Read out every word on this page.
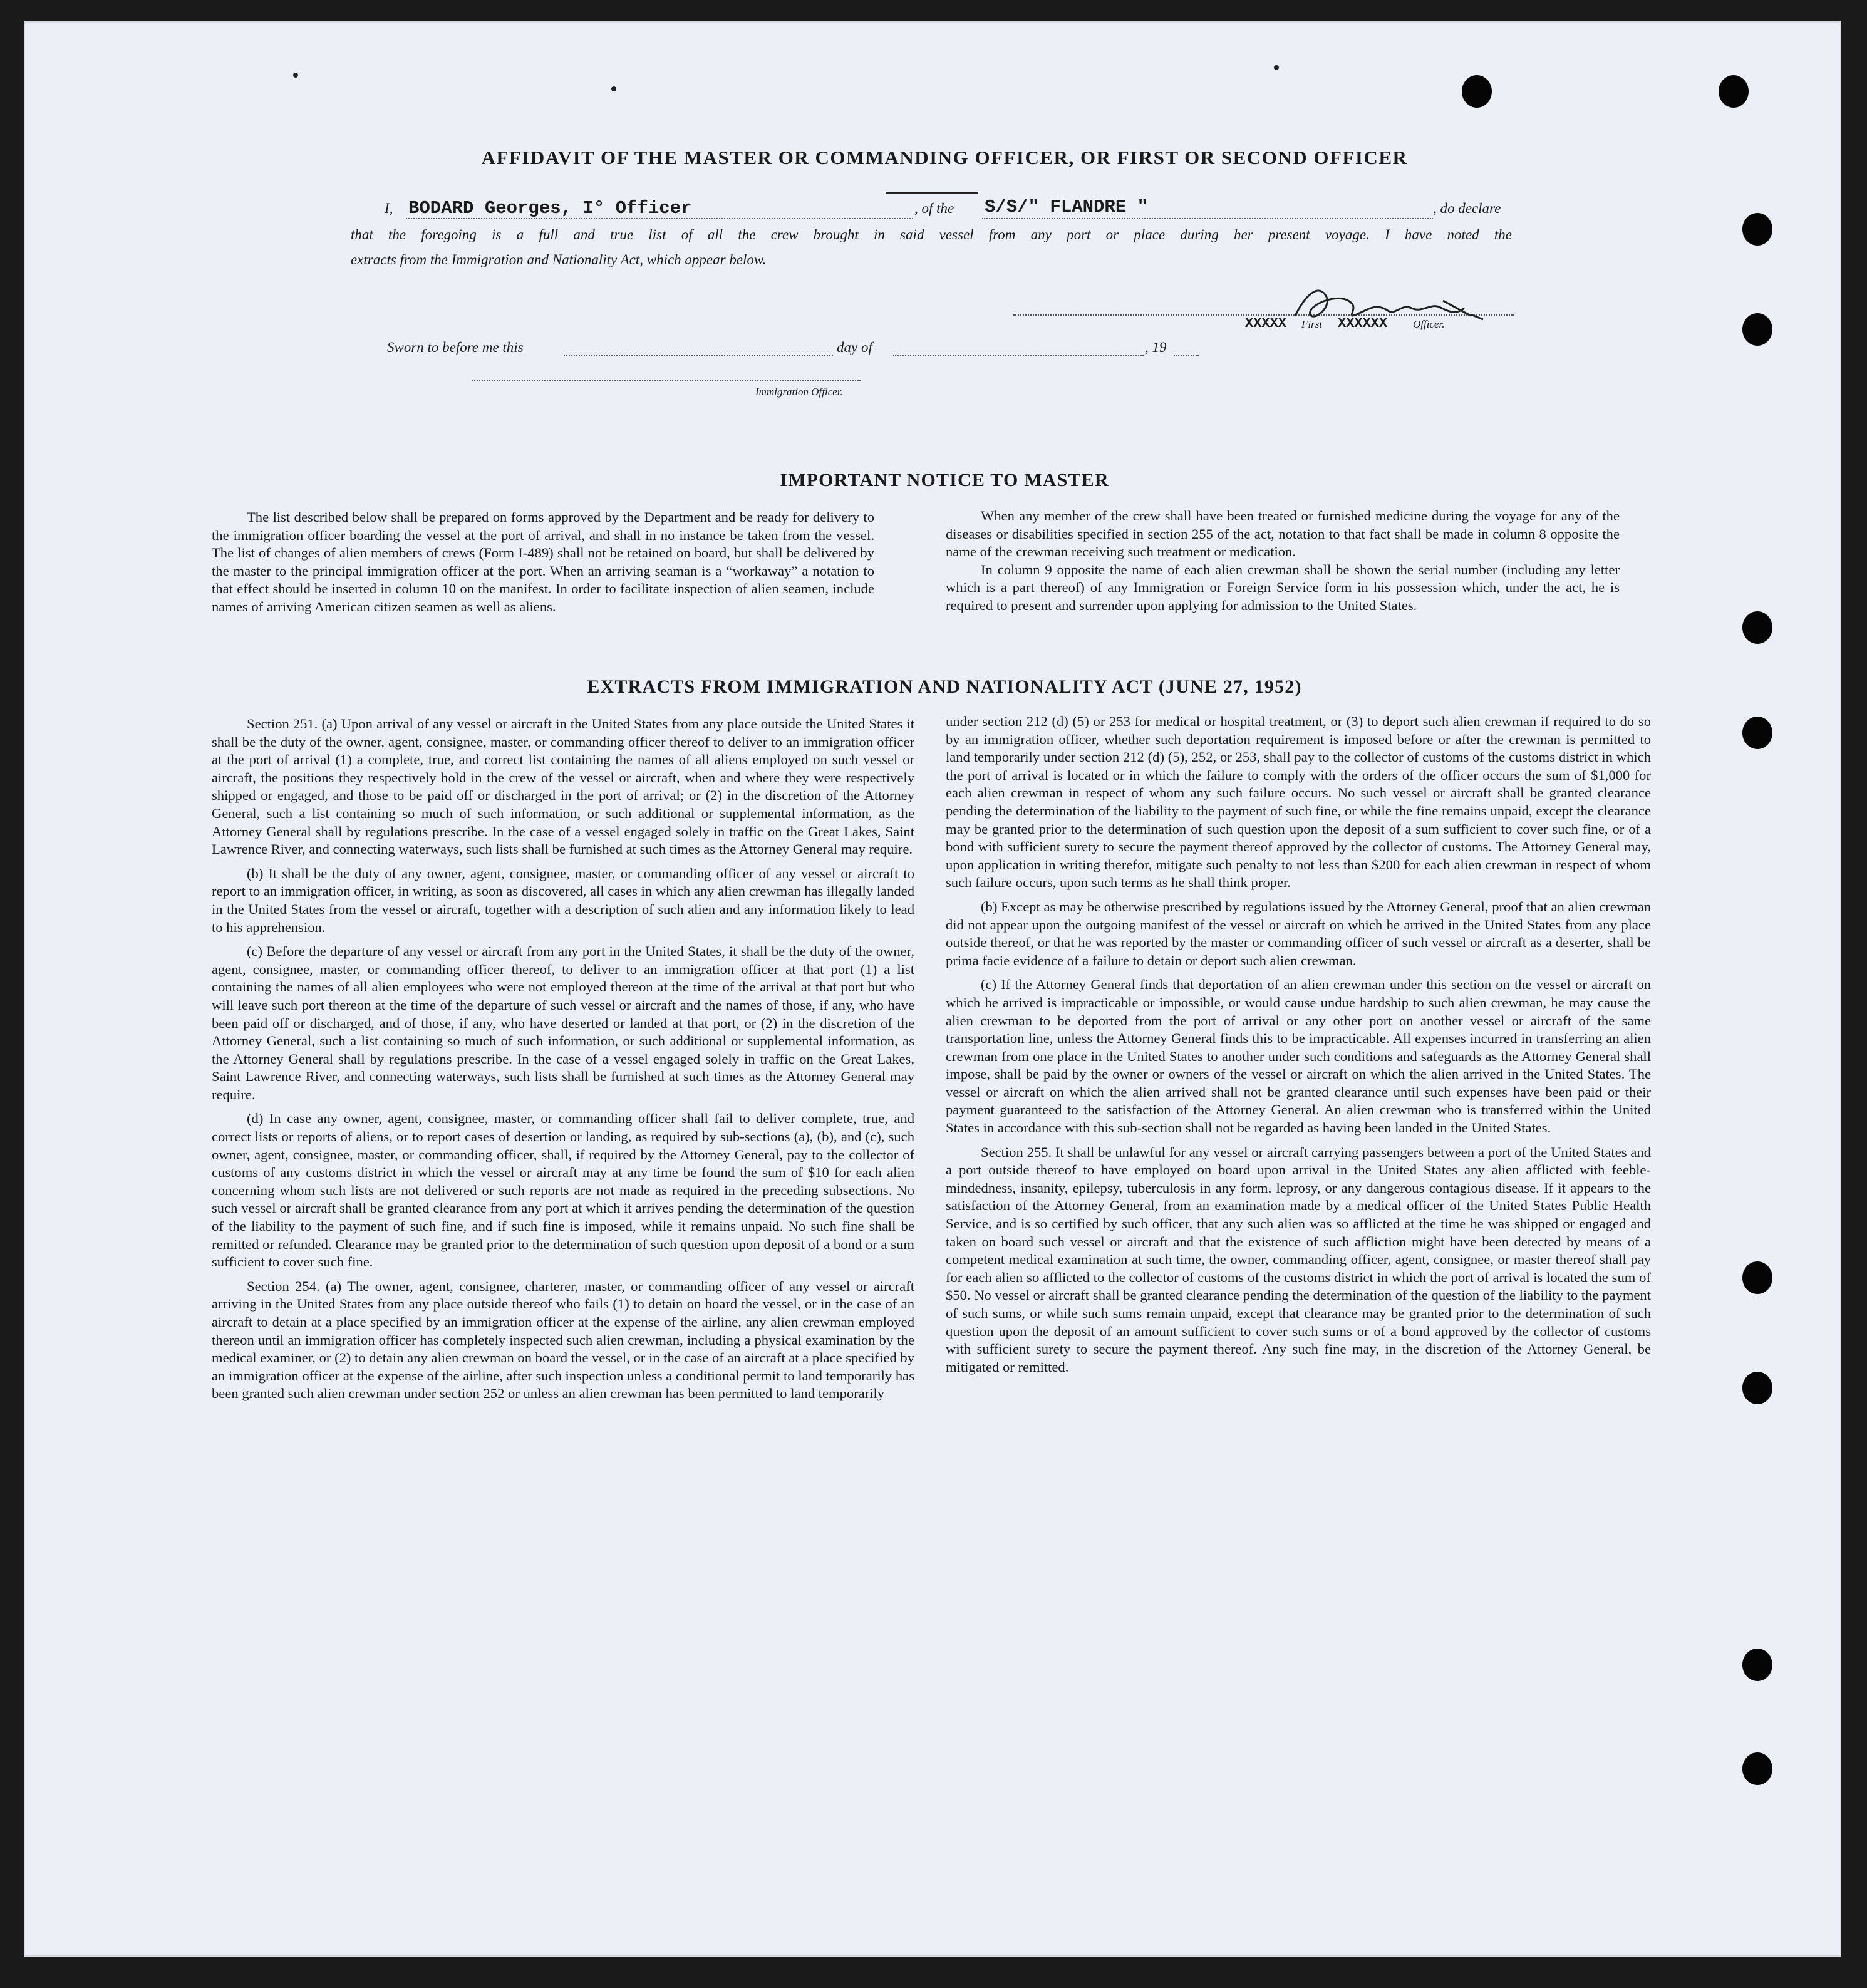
AFFIDAVIT OF THE MASTER OR COMMANDING OFFICER, OR FIRST OR SECOND OFFICER
I, BODARD Georges, I° Officer	, of the S/S/" FLANDRE "	, do declare
that the foregoing is a full and true list of all the crew brought in said vessel from any port or place during her present voyage. I have noted the
extracts from the Immigration and Nationality Act, which appear below.
XXXXX First XXXXXX Officer.
Sworn to before me this	day of	, 19
Immigration Officer.
IMPORTANT NOTICE TO MASTER

The list described below shall be prepared on forms approved by the Department and be ready for delivery to the immigration officer boarding the vessel at the port of arrival, and shall in no instance be taken from the vessel. The list of changes of alien members of crews (Form I-489) shall not be retained on board, but shall be delivered by the master to the principal immigration officer at the port. When an arriving seaman is a “workaway” a notation to that effect should be inserted in column 10 on the manifest. In order to facilitate inspection of alien seamen, include names of arriving American citizen seamen as well as aliens.

When any member of the crew shall have been treated or furnished medicine during the voyage for any of the diseases or disabilities specified in section 255 of the act, notation to that fact shall be made in column 8 opposite the name of the crewman receiving such treatment or medication.

In column 9 opposite the name of each alien crewman shall be shown the serial number (including any letter which is a part thereof) of any Immigration or Foreign Service form in his possession which, under the act, he is required to present and surrender upon applying for admission to the United States.

EXTRACTS FROM IMMIGRATION AND NATIONALITY ACT (JUNE 27, 1952)

Section 251. (a) Upon arrival of any vessel or aircraft in the United States from any place outside the United States it shall be the duty of the owner, agent, consignee, master, or commanding officer thereof to deliver to an immigration officer at the port of arrival (1) a complete, true, and correct list containing the names of all aliens employed on such vessel or aircraft, the positions they respectively hold in the crew of the vessel or aircraft, when and where they were respectively shipped or engaged, and those to be paid off or discharged in the port of arrival; or (2) in the discretion of the Attorney General, such a list containing so much of such information, or such additional or supplemental information, as the Attorney General shall by regulations prescribe. In the case of a vessel engaged solely in traffic on the Great Lakes, Saint Lawrence River, and connecting waterways, such lists shall be furnished at such times as the Attorney General may require.

(b) It shall be the duty of any owner, agent, consignee, master, or commanding officer of any vessel or aircraft to report to an immigration officer, in writing, as soon as discovered, all cases in which any alien crewman has illegally landed in the United States from the vessel or aircraft, together with a description of such alien and any information likely to lead to his apprehension.

(c) Before the departure of any vessel or aircraft from any port in the United States, it shall be the duty of the owner, agent, consignee, master, or commanding officer thereof, to deliver to an immigration officer at that port (1) a list containing the names of all alien employees who were not employed thereon at the time of the arrival at that port but who will leave such port thereon at the time of the departure of such vessel or aircraft and the names of those, if any, who have been paid off or discharged, and of those, if any, who have deserted or landed at that port, or (2) in the discretion of the Attorney General, such a list containing so much of such information, or such additional or supplemental information, as the Attorney General shall by regulations prescribe. In the case of a vessel engaged solely in traffic on the Great Lakes, Saint Lawrence River, and connecting waterways, such lists shall be furnished at such times as the Attorney General may require.

(d) In case any owner, agent, consignee, master, or commanding officer shall fail to deliver complete, true, and correct lists or reports of aliens, or to report cases of desertion or landing, as required by sub-sections (a), (b), and (c), such owner, agent, consignee, master, or commanding officer, shall, if required by the Attorney General, pay to the collector of customs of any customs district in which the vessel or aircraft may at any time be found the sum of $10 for each alien concerning whom such lists are not delivered or such reports are not made as required in the preceding subsections. No such vessel or aircraft shall be granted clearance from any port at which it arrives pending the determination of the question of the liability to the payment of such fine, and if such fine is imposed, while it remains unpaid. No such fine shall be remitted or refunded. Clearance may be granted prior to the determination of such question upon deposit of a bond or a sum sufficient to cover such fine.

Section 254. (a) The owner, agent, consignee, charterer, master, or commanding officer of any vessel or aircraft arriving in the United States from any place outside thereof who fails (1) to detain on board the vessel, or in the case of an aircraft to detain at a place specified by an immigration officer at the expense of the airline, any alien crewman employed thereon until an immigration officer has completely inspected such alien crewman, including a physical examination by the medical examiner, or (2) to detain any alien crewman on board the vessel, or in the case of an aircraft at a place specified by an immigration officer at the expense of the airline, after such inspection unless a conditional permit to land temporarily has been granted such alien crewman under section 252 or unless an alien crewman has been permitted to land temporarily

under section 212 (d) (5) or 253 for medical or hospital treatment, or (3) to deport such alien crewman if required to do so by an immigration officer, whether such deportation requirement is imposed before or after the crewman is permitted to land temporarily under section 212 (d) (5), 252, or 253, shall pay to the collector of customs of the customs district in which the port of arrival is located or in which the failure to comply with the orders of the officer occurs the sum of $1,000 for each alien crewman in respect of whom any such failure occurs. No such vessel or aircraft shall be granted clearance pending the determination of the liability to the payment of such fine, or while the fine remains unpaid, except the clearance may be granted prior to the determination of such question upon the deposit of a sum sufficient to cover such fine, or of a bond with sufficient surety to secure the payment thereof approved by the collector of customs. The Attorney General may, upon application in writing therefor, mitigate such penalty to not less than $200 for each alien crewman in respect of whom such failure occurs, upon such terms as he shall think proper.

(b) Except as may be otherwise prescribed by regulations issued by the Attorney General, proof that an alien crewman did not appear upon the outgoing manifest of the vessel or aircraft on which he arrived in the United States from any place outside thereof, or that he was reported by the master or commanding officer of such vessel or aircraft as a deserter, shall be prima facie evidence of a failure to detain or deport such alien crewman.

(c) If the Attorney General finds that deportation of an alien crewman under this section on the vessel or aircraft on which he arrived is impracticable or impossible, or would cause undue hardship to such alien crewman, he may cause the alien crewman to be deported from the port of arrival or any other port on another vessel or aircraft of the same transportation line, unless the Attorney General finds this to be impracticable. All expenses incurred in transferring an alien crewman from one place in the United States to another under such conditions and safeguards as the Attorney General shall impose, shall be paid by the owner or owners of the vessel or aircraft on which the alien arrived in the United States. The vessel or aircraft on which the alien arrived shall not be granted clearance until such expenses have been paid or their payment guaranteed to the satisfaction of the Attorney General. An alien crewman who is transferred within the United States in accordance with this sub-section shall not be regarded as having been landed in the United States.

Section 255. It shall be unlawful for any vessel or aircraft carrying passengers between a port of the United States and a port outside thereof to have employed on board upon arrival in the United States any alien afflicted with feeble-mindedness, insanity, epilepsy, tuberculosis in any form, leprosy, or any dangerous contagious disease. If it appears to the satisfaction of the Attorney General, from an examination made by a medical officer of the United States Public Health Service, and is so certified by such officer, that any such alien was so afflicted at the time he was shipped or engaged and taken on board such vessel or aircraft and that the existence of such affliction might have been detected by means of a competent medical examination at such time, the owner, commanding officer, agent, consignee, or master thereof shall pay for each alien so afflicted to the collector of customs of the customs district in which the port of arrival is located the sum of $50. No vessel or aircraft shall be granted clearance pending the determination of the question of the liability to the payment of such sums, or while such sums remain unpaid, except that clearance may be granted prior to the determination of such question upon the deposit of an amount sufficient to cover such sums or of a bond approved by the collector of customs with sufficient surety to secure the payment thereof. Any such fine may, in the discretion of the Attorney General, be mitigated or remitted.
